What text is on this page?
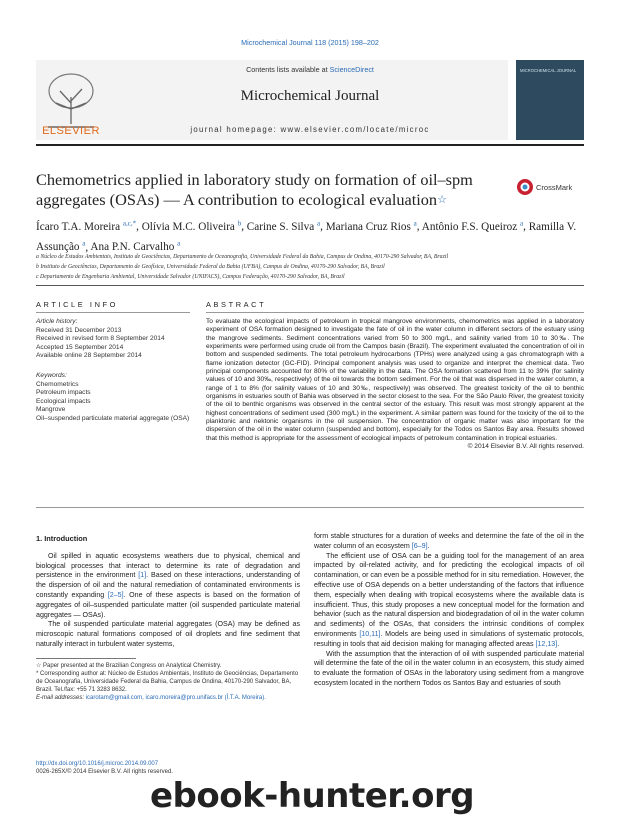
Microchemical Journal 118 (2015) 198–202
ELSEVIER
Contents lists available at ScienceDirect
Microchemical Journal
journal homepage: www.elsevier.com/locate/microc
MICROCHEMICAL JOURNAL
Chemometrics applied in laboratory study on formation of oil–spm aggregates (OSAs) — A contribution to ecological evaluation☆
CrossMark
Ícaro T.A. Moreira $^{a,c,*}$, Olívia M.C. Oliveira $^b$, Carine S. Silva $^a$, Mariana Cruz Rios $^a$, Antônio F.S. Queiroz $^a$, Ramilla V. Assunção $^a$, Ana P.N. Carvalho $^a$
a Núcleo de Estudos Ambientais, Instituto de Geociências, Departamento de Oceanografia, Universidade Federal da Bahia, Campus de Ondina, 40170-290 Salvador, BA, Brazil
b Instituto de Geociências, Departamento de Geofísica, Universidade Federal da Bahia (UFBA), Campus de Ondina, 40170-290 Salvador, BA, Brazil
c Departamento de Engenharia Ambiental, Universidade Salvador (UNIFACS), Campus Federação, 40170-290 Salvador, BA, Brazil
ARTICLE INFO	ABSTRACT
Article history:
Received 31 December 2013
Received in revised form 8 September 2014
Accepted 15 September 2014
Available online 28 September 2014
Keywords:
Chemometrics
Petroleum impacts
Ecological impacts
Mangrove
Oil–suspended particulate material aggregate (OSA)
To evaluate the ecological impacts of petroleum in tropical mangrove environments, chemometrics was applied in a laboratory experiment of OSA formation designed to investigate the fate of oil in the water column in different sectors of the estuary using the mangrove sediments. Sediment concentrations varied from 50 to 300 mg/L, and salinity varied from 10 to 30‰. The experiments were performed using crude oil from the Campos basin (Brazil). The experiment evaluated the concentration of oil in bottom and suspended sediments. The total petroleum hydrocarbons (TPHs) were analyzed using a gas chromatograph with a flame ionization detector (GC-FID). Principal component analysis was used to organize and interpret the chemical data. Two principal components accounted for 80% of the variability in the data. The OSA formation scattered from 11 to 39% (for salinity values of 10 and 30‰, respectively) of the oil towards the bottom sediment. For the oil that was dispersed in the water column, a range of 1 to 8% (for salinity values of 10 and 30‰, respectively) was observed. The greatest toxicity of the oil to benthic organisms in estuaries south of Bahia was observed in the sector closest to the sea. For the São Paulo River, the greatest toxicity of the oil to benthic organisms was observed in the central sector of the estuary. This result was most strongly apparent at the highest concentrations of sediment used (300 mg/L) in the experiment. A similar pattern was found for the toxicity of the oil to the planktonic and nektonic organisms in the oil suspension. The concentration of organic matter was also important for the dispersion of the oil in the water column (suspended and bottom), especially for the Todos os Santos Bay area. Results showed that this method is appropriate for the assessment of ecological impacts of petroleum contamination in tropical estuaries.
© 2014 Elsevier B.V. All rights reserved.
1. Introduction

Oil spilled in aquatic ecosystems weathers due to physical, chemical and biological processes that interact to determine its rate of degradation and persistence in the environment [1]. Based on these interactions, understanding of the dispersion of oil and the natural remediation of contaminated environments is constantly expanding [2–5]. One of these aspects is based on the formation of aggregates of oil–suspended particulate matter (oil suspended particulate material aggregates — OSAs).

The oil suspended particulate material aggregates (OSA) may be defined as microscopic natural formations composed of oil droplets and fine sediment that naturally interact in turbulent water systems,

form stable structures for a duration of weeks and determine the fate of the oil in the water column of an ecosystem [6–9].

The efficient use of OSA can be a guiding tool for the management of an area impacted by oil-related activity, and for predicting the ecological impacts of oil contamination, or can even be a possible method for in situ remediation. However, the effective use of OSA depends on a better understanding of the factors that influence them, especially when dealing with tropical ecosystems where the available data is insufficient. Thus, this study proposes a new conceptual model for the formation and behavior (such as the natural dispersion and biodegradation of oil in the water column and sediments) of the OSAs, that considers the intrinsic conditions of complex environments [10,11]. Models are being used in simulations of systematic protocols, resulting in tools that aid decision making for managing affected areas [12,13].

With the assumption that the interaction of oil with suspended particulate material will determine the fate of the oil in the water column in an ecosystem, this study aimed to evaluate the formation of OSAs in the laboratory using sediment from a mangrove ecosystem located in the northern Todos os Santos Bay and estuaries of south

☆ Paper presented at the Brazilian Congress on Analytical Chemistry.
* Corresponding author at: Núcleo de Estudos Ambientais, Instituto de Geociências, Departamento de Oceanografia, Universidade Federal da Bahia, Campus de Ondina, 40170-290 Salvador, BA, Brazil. Tel./fax: +55 71 3283 8632.
E-mail addresses: icarotam@gmail.com, icaro.moreira@pro.unifacs.br (Í.T.A. Moreira).
http://dx.doi.org/10.1016/j.microc.2014.09.007
0026-265X/© 2014 Elsevier B.V. All rights reserved.
ebook-hunter.org
